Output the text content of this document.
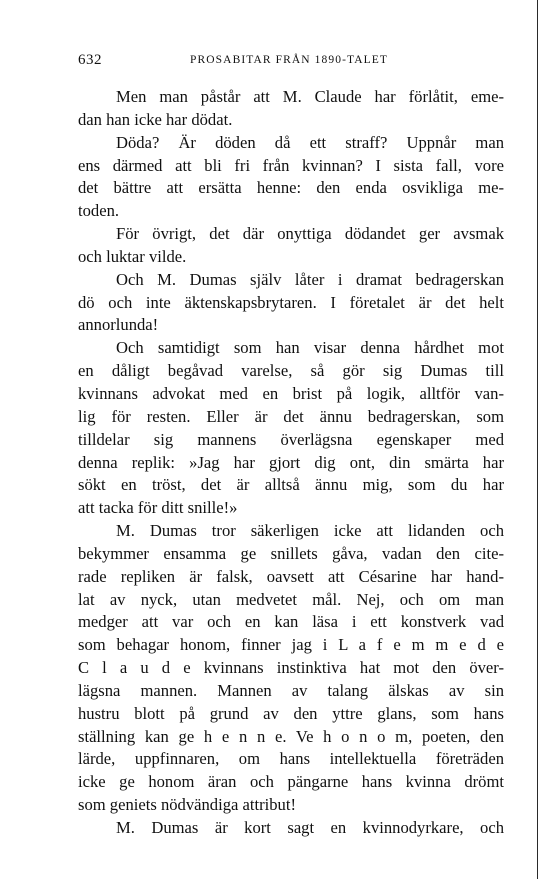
632	PROSABITAR FRÅN 1890-TALET
Men man påstår att M. Claude har förlåtit, eme-
dan han icke har dödat.
Döda? Är döden då ett straff? Uppnår man
ens därmed att bli fri från kvinnan? I sista fall, vore
det bättre att ersätta henne: den enda osvikliga me-
toden.
För övrigt, det där onyttiga dödandet ger avsmak
och luktar vilde.
Och M. Dumas själv låter i dramat bedragerskan
dö och inte äktenskapsbrytaren. I företalet är det helt
annorlunda!
Och samtidigt som han visar denna hårdhet mot
en dåligt begåvad varelse, så gör sig Dumas till
kvinnans advokat med en brist på logik, alltför van-
lig för resten. Eller är det ännu bedragerskan, som
tilldelar sig mannens överlägsna egenskaper med
denna replik: »Jag har gjort dig ont, din smärta har
sökt en tröst, det är alltså ännu mig, som du har
att tacka för ditt snille!»
M. Dumas tror säkerligen icke att lidanden och
bekymmer ensamma ge snillets gåva, vadan den cite-
rade repliken är falsk, oavsett att Césarine har hand-
lat av nyck, utan medvetet mål. Nej, och om man
medger att var och en kan läsa i ett konstverk vad
som behagar honom, finner jag i L a f e m m e d e
C l a u d e kvinnans instinktiva hat mot den över-
lägsna mannen. Mannen av talang älskas av sin
hustru blott på grund av den yttre glans, som hans
ställning kan ge h e n n e. Ve h o n o m, poeten, den
lärde, uppfinnaren, om hans intellektuella företräden
icke ge honom äran och pängarne hans kvinna drömt
som geniets nödvändiga attribut!
M. Dumas är kort sagt en kvinnodyrkare, och
